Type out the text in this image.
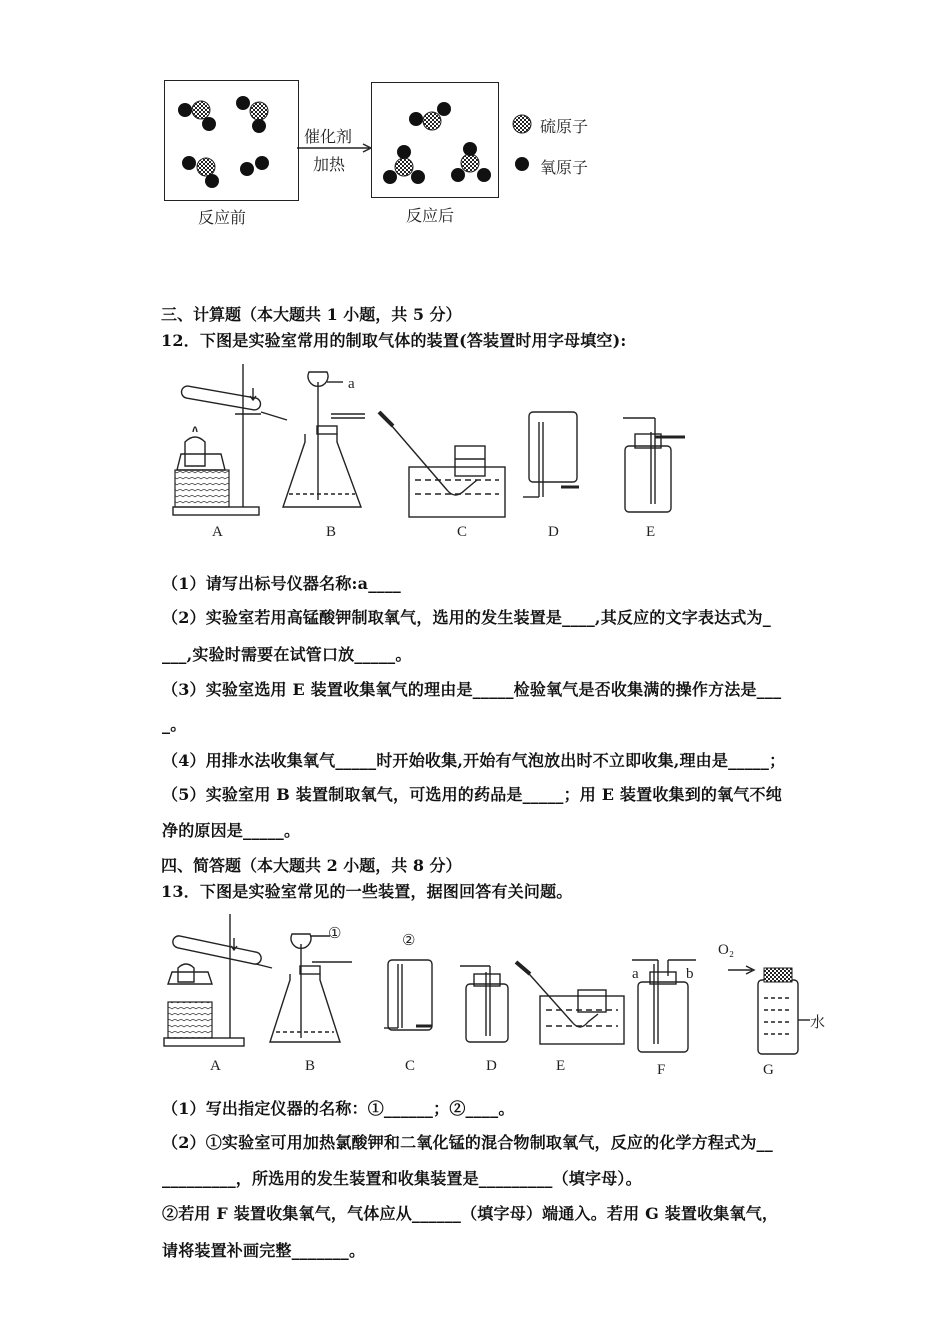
反应前
催化剂
加热
反应后
硫原子
氧原子
三、计算题（本大题共 1 小题，共 5 分）
12．下图是实验室常用的制取气体的装置(答装置时用字母填空):
a
A	B	C	D	E
（1）请写出标号仪器名称:a____
（2）实验室若用高锰酸钾制取氧气，选用的发生装置是____,其反应的文字表达式为_
___,实验时需要在试管口放_____。
（3）实验室选用 E 装置收集氧气的理由是_____检验氧气是否收集满的操作方法是___
_。
（4）用排水法收集氧气_____时开始收集,开始有气泡放出时不立即收集,理由是_____；
（5）实验室用 B 装置制取氧气，可选用的药品是_____；用 E 装置收集到的氧气不纯
净的原因是_____。
四、简答题（本大题共 2 小题，共 8 分）
13．下图是实验室常见的一些装置，据图回答有关问题。
①	②
a	b
O₂
水
A	B	C	D	E	F	G
（1）写出指定仪器的名称：①______；②____。
（2）①实验室可用加热氯酸钾和二氧化锰的混合物制取氧气，反应的化学方程式为__
_________，所选用的发生装置和收集装置是_________（填字母）。
②若用 F 装置收集氧气，气体应从______（填字母）端通入。若用 G 装置收集氧气，
请将装置补画完整_______。
